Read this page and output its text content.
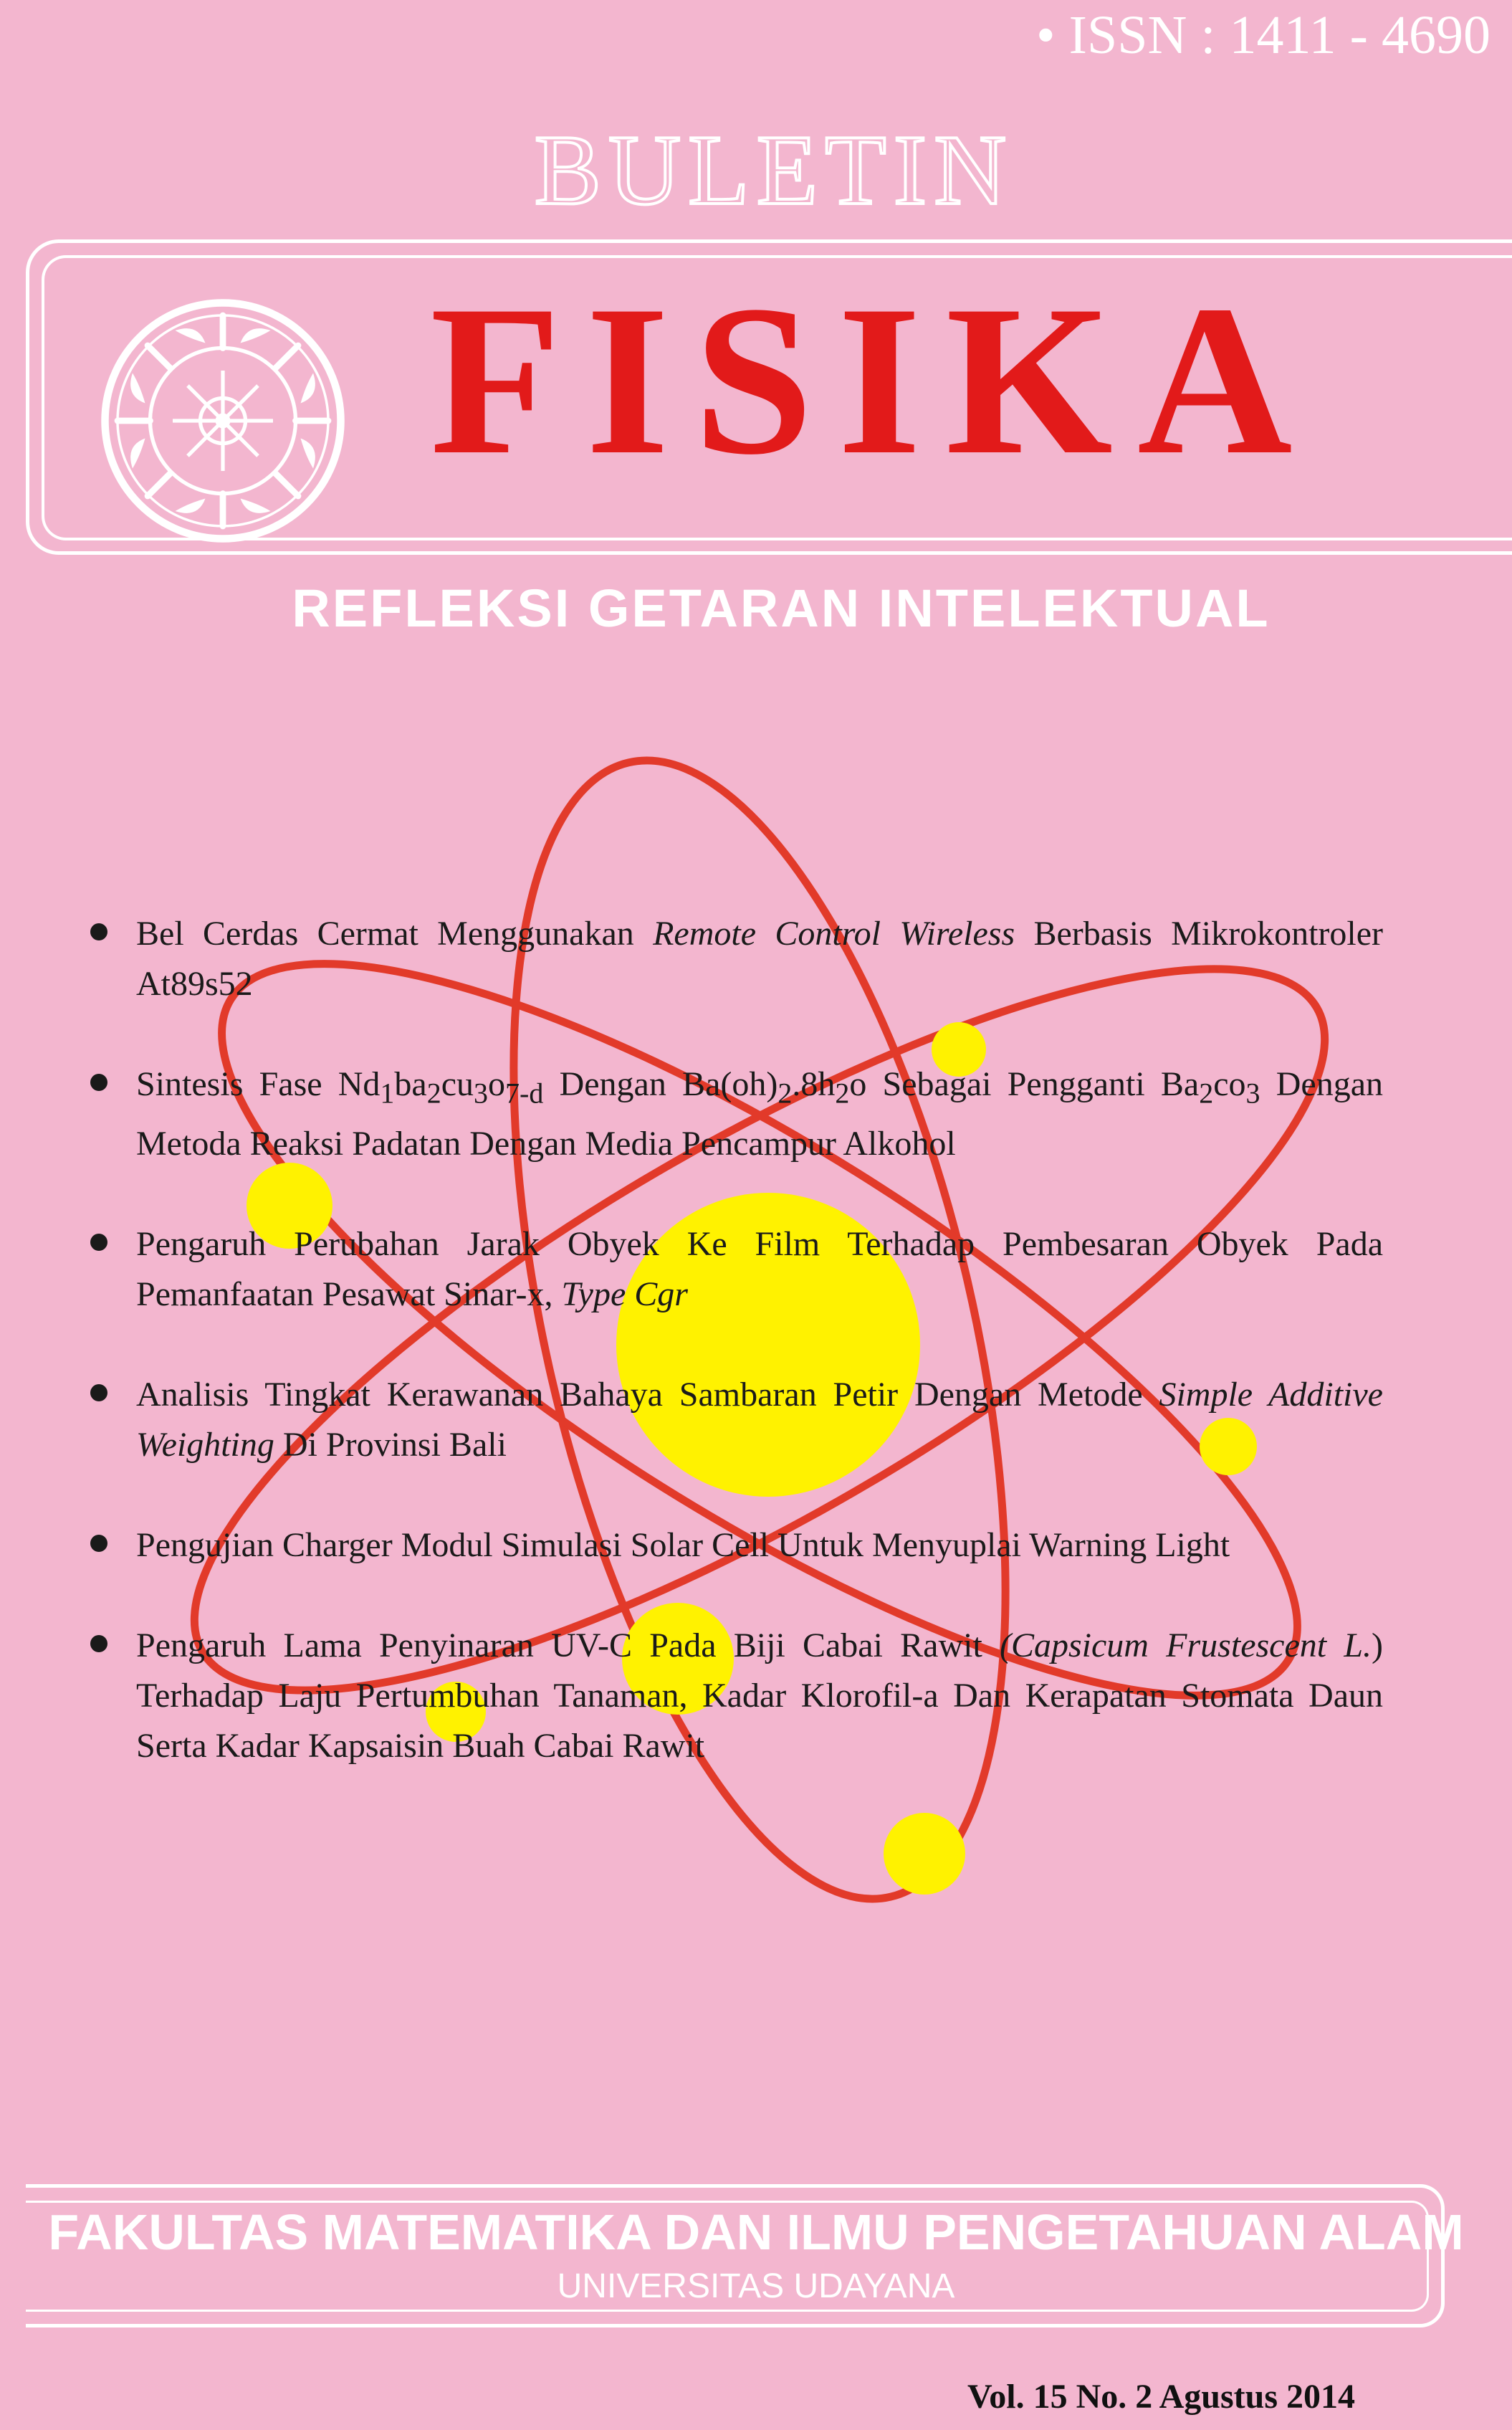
• ISSN : 1411 - 4690
BULETIN
FISIKA
REFLEKSI GETARAN INTELEKTUAL
Bel Cerdas Cermat Menggunakan Remote Control Wireless Berbasis Mikrokontroler At89s52
Sintesis Fase $Nd_1ba_2cu_3o_{7-d}$ Dengan $Ba(oh)_2.8h_2o$ Sebagai Pengganti $Ba_2co_3$ Dengan Metoda Reaksi Padatan Dengan Media Pencampur Alkohol
Pengaruh Perubahan Jarak Obyek Ke Film Terhadap Pembesaran Obyek Pada Pemanfaatan Pesawat Sinar-x, Type Cgr
Analisis Tingkat Kerawanan Bahaya Sambaran Petir Dengan Metode Simple Additive Weighting Di Provinsi Bali
Pengujian Charger Modul Simulasi Solar Cell Untuk Menyuplai Warning Light
Pengaruh Lama Penyinaran UV-C Pada Biji Cabai Rawit (Capsicum Frustescent L.) Terhadap Laju Pertumbuhan Tanaman, Kadar Klorofil-a Dan Kerapatan Stomata Daun Serta Kadar Kapsaisin Buah Cabai Rawit
FAKULTAS MATEMATIKA DAN ILMU PENGETAHUAN ALAM
UNIVERSITAS UDAYANA
Vol. 15 No. 2 Agustus 2014
